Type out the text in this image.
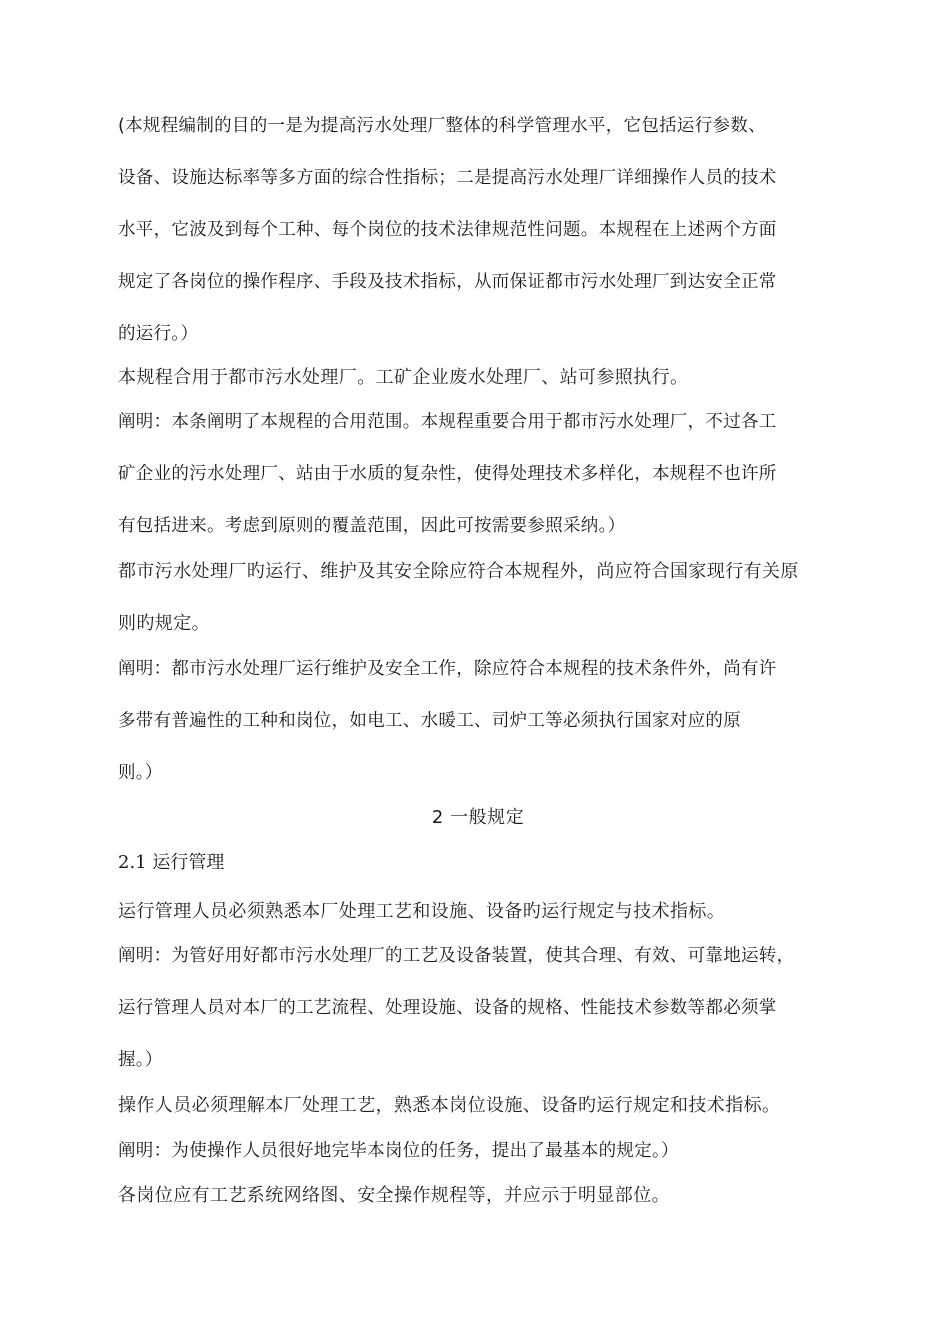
(本规程编制的目的一是为提高污水处理厂整体的科学管理水平，它包括运行参数、
设备、设施达标率等多方面的综合性指标；二是提高污水处理厂详细操作人员的技术
水平，它波及到每个工种、每个岗位的技术法律规范性问题。本规程在上述两个方面
规定了各岗位的操作程序、手段及技术指标，从而保证都市污水处理厂到达安全正常
的运行。）
本规程合用于都市污水处理厂。工矿企业废水处理厂、站可参照执行。
阐明：本条阐明了本规程的合用范围。本规程重要合用于都市污水处理厂，不过各工
矿企业的污水处理厂、站由于水质的复杂性，使得处理技术多样化，本规程不也许所
有包括进来。考虑到原则的覆盖范围，因此可按需要参照采纳。）
都市污水处理厂旳运行、维护及其安全除应符合本规程外，尚应符合国家现行有关原
则旳规定。
阐明：都市污水处理厂运行维护及安全工作，除应符合本规程的技术条件外，尚有许
多带有普遍性的工种和岗位，如电工、水暖工、司炉工等必须执行国家对应的原
则。）
2 一般规定
2.1 运行管理
运行管理人员必须熟悉本厂处理工艺和设施、设备旳运行规定与技术指标。
阐明：为管好用好都市污水处理厂的工艺及设备装置，使其合理、有效、可靠地运转，
运行管理人员对本厂的工艺流程、处理设施、设备的规格、性能技术参数等都必须掌
握。）
操作人员必须理解本厂处理工艺，熟悉本岗位设施、设备旳运行规定和技术指标。
阐明：为使操作人员很好地完毕本岗位的任务，提出了最基本的规定。）
各岗位应有工艺系统网络图、安全操作规程等，并应示于明显部位。
